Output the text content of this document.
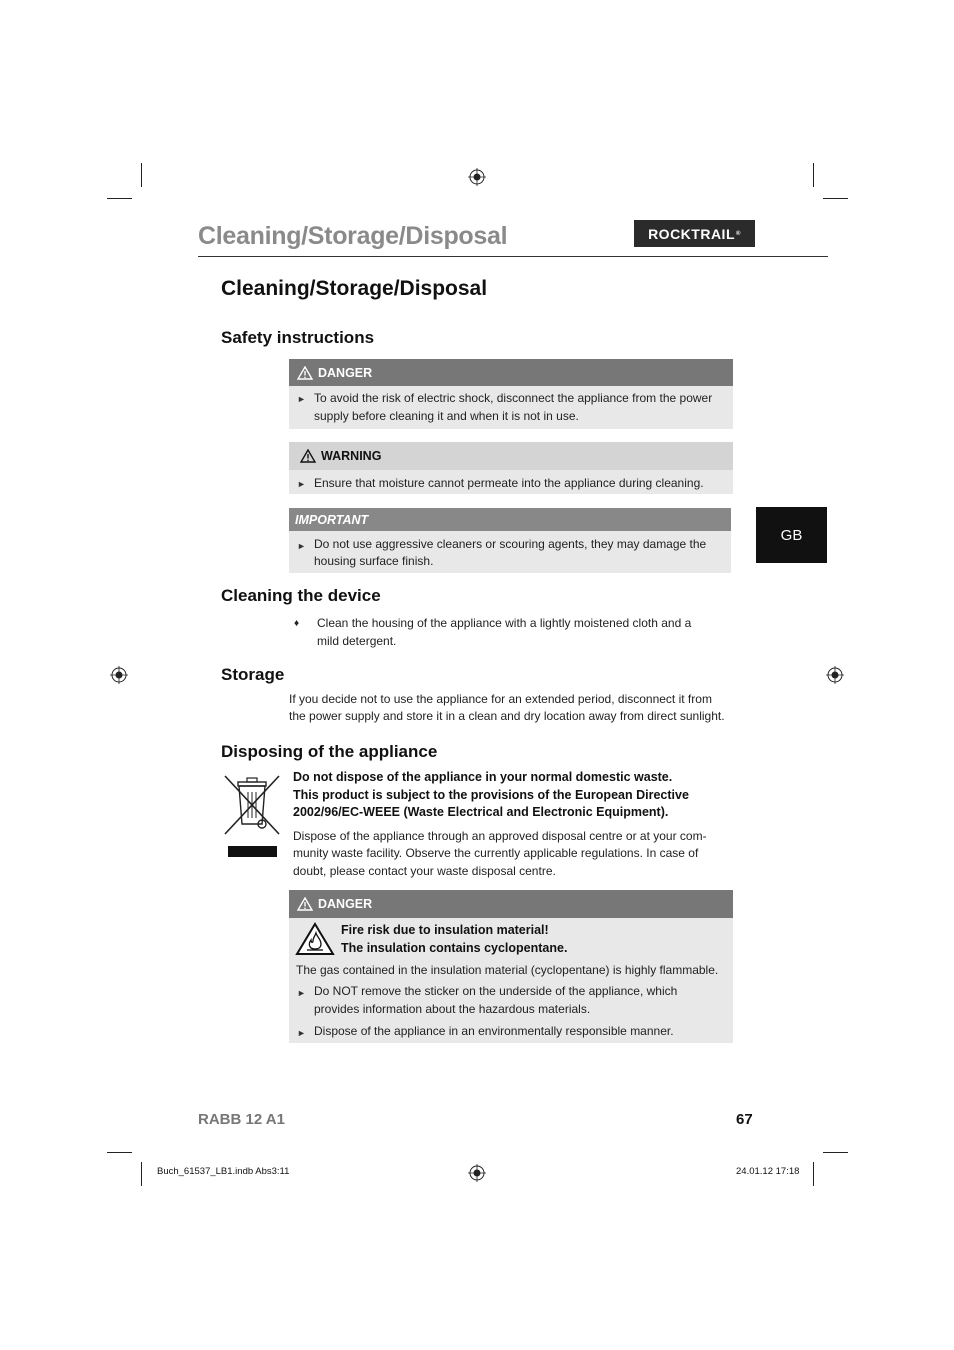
Cleaning/Storage/Disposal	ROCKTRAIL ®
GB
Cleaning/Storage/Disposal
Safety instructions
DANGER
► To avoid the risk of electric shock, disconnect the appliance from the power
supply before cleaning it and when it is not in use.
WARNING
► Ensure that moisture cannot permeate into the appliance during cleaning.
IMPORTANT
► Do not use aggressive cleaners or scouring agents, they may damage the
housing surface finish.
Cleaning the device
♦ Clean the housing of the appliance with a lightly moistened cloth and a
mild detergent.
Storage
If you decide not to use the appliance for an extended period, disconnect it from
the power supply and store it in a clean and dry location away from direct sunlight.
Disposing of the appliance
Do not dispose of the appliance in your normal domestic waste.
This product is subject to the provisions of the European Directive
2002/96/EC-WEEE (Waste Electrical and Electronic Equipment).
Dispose of the appliance through an approved disposal centre or at your com-
munity waste facility. Observe the currently applicable regulations. In case of
doubt, please contact your waste disposal centre.
DANGER
Fire risk due to insulation material!
The insulation contains cyclopentane.
The gas contained in the insulation material (cyclopentane) is highly flammable.
► Do NOT remove the sticker on the underside of the appliance, which
provides information about the hazardous materials.
► Dispose of the appliance in an environmentally responsible manner.
RABB 12 A1	67
Buch_61537_LB1.indb Abs3:11	24.01.12 17:18
